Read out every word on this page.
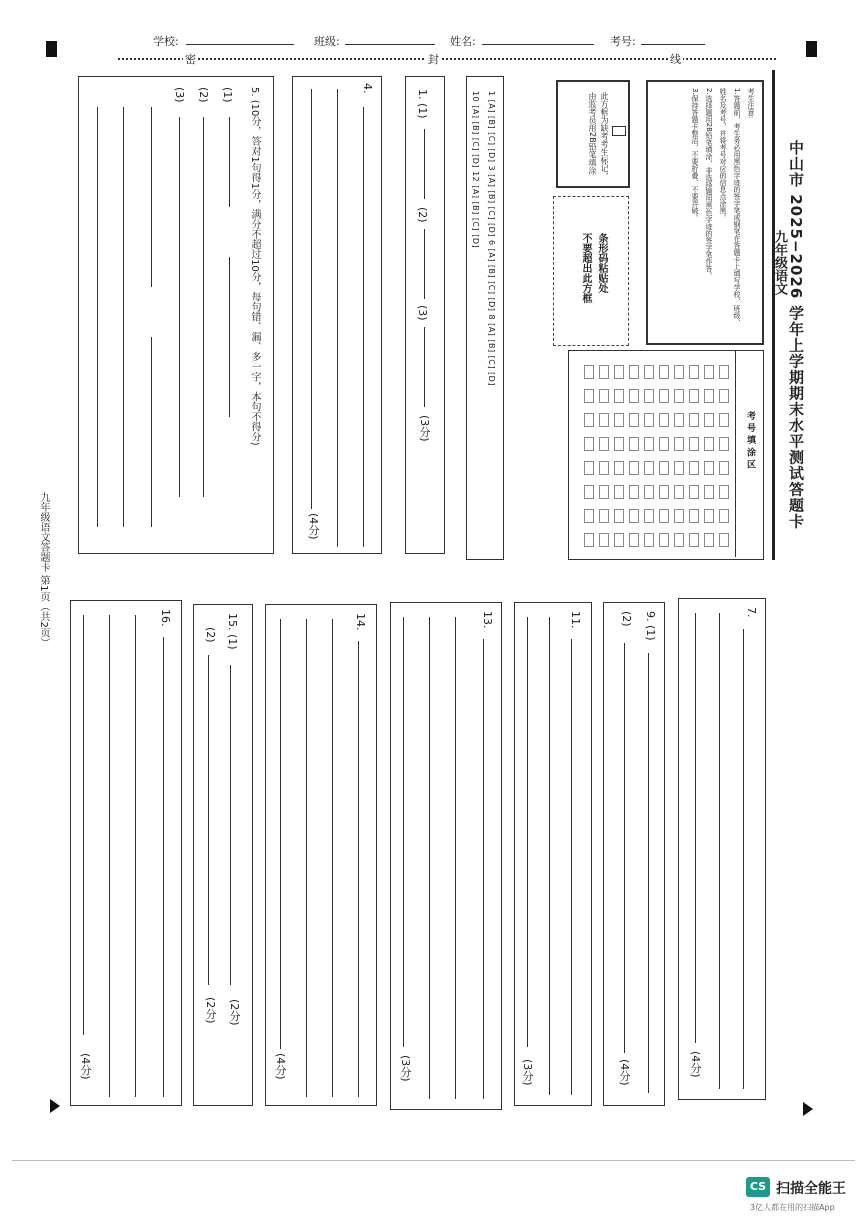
学校:	班级:	姓名:	考号:
密	封	线
中山市 2025−2026 学年上学期期末水平测试答题卡
九年级语文
考生注意:
1.答题前，考生务必用黑色字迹的签字笔或钢笔在答题卡上填写学校、班级、
姓名及考号，并将考号对应的信息点涂黑。
2.选择题用2B铅笔填涂，非选择题用黑色字迹的签字笔作答。
3.保持答题卡整洁，不要折叠、不要弄破。
此方框为缺考考生标记，由监考员用2B铅笔填涂
条形码粘贴处
不要超出此方框
考 号 填 涂 区
1 [A] [B] [C] [D] 3 [A] [B] [C] [D] 6 [A] [B] [C] [D] 8 [A] [B] [C] [D]
10 [A] [B] [C] [D] 12 [A] [B] [C] [D]
1. (1)
(2)
(3)
(3分)
4.
(4分)
5. (10分，答对1句得1分，满分不超过10分，每句错、漏、多一字，本句不得分)
(1)
(2)
(3)
九年级语文答题卡 第1页（共2页）	7.
(4分)
9. (1)
(2)
(4分)
11.
(3分)
13.
(3分)
14.
(4分)
15. (1)
(2)
(2分)
(2分)
16.
(4分)
CS 扫描全能王
3亿人都在用的扫描App
